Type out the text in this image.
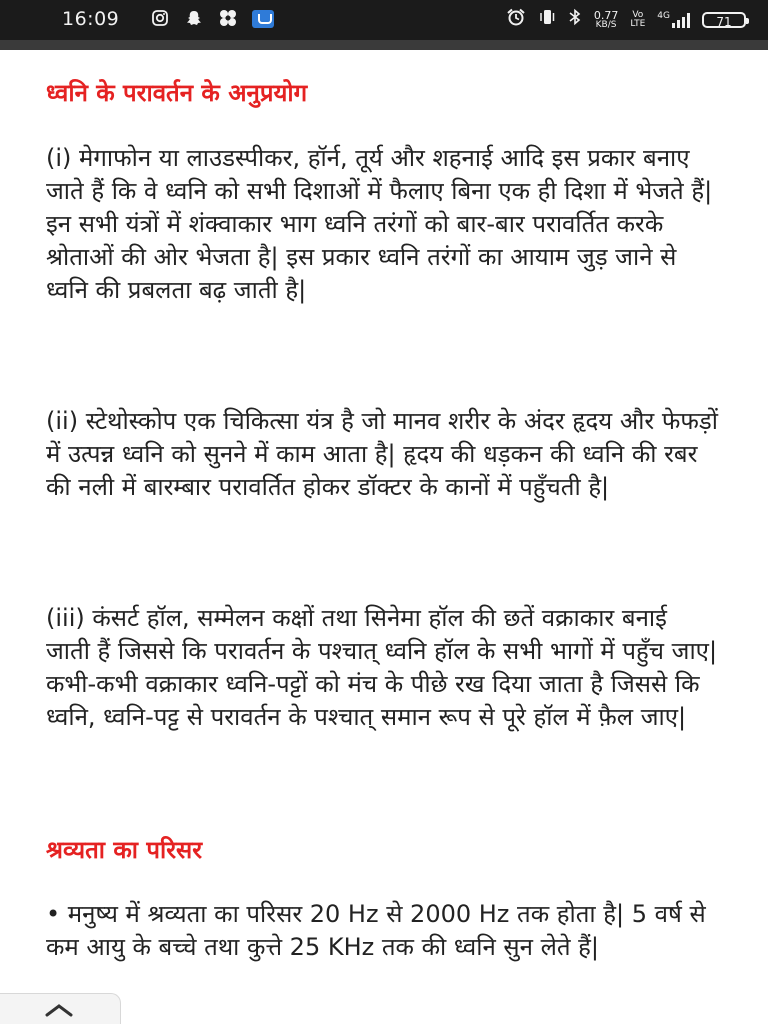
16:09	0.77
KB/S
Vo
LTE
4G	71
ध्वनि के परावर्तन के अनुप्रयोग

(i) मेगाफोन या लाउडस्पीकर, हॉर्न, तूर्य और शहनाई आदि इस प्रकार बनाए जाते हैं कि वे ध्वनि को सभी दिशाओं में फैलाए बिना एक ही दिशा में भेजते हैं| इन सभी यंत्रों में शंक्वाकार भाग ध्वनि तरंगों को बार-बार परावर्तित करके श्रोताओं की ओर भेजता है| इस प्रकार ध्वनि तरंगों का आयाम जुड़ जाने से ध्वनि की प्रबलता बढ़ जाती है|

(ii) स्टेथोस्कोप एक चिकित्सा यंत्र है जो मानव शरीर के अंदर हृदय और फेफड़ों में उत्पन्न ध्वनि को सुनने में काम आता है| हृदय की धड़कन की ध्वनि की रबर की नली में बारम्बार परावर्तित होकर डॉक्टर के कानों में पहुँचती है|

(iii) कंसर्ट हॉल, सम्मेलन कक्षों तथा सिनेमा हॉल की छतें वक्राकार बनाई जाती हैं जिससे कि परावर्तन के पश्चात् ध्वनि हॉल के सभी भागों में पहुँच जाए| कभी-कभी वक्राकार ध्वनि-पट्टों को मंच के पीछे रख दिया जाता है जिससे कि ध्वनि, ध्वनि-पट्ट से परावर्तन के पश्चात् समान रूप से पूरे हॉल में फ़ैल जाए|

श्रव्यता का परिसर

• मनुष्य में श्रव्यता का परिसर 20 Hz से 2000 Hz तक होता है| 5 वर्ष से कम आयु के बच्चे तथा कुत्ते 25 KHz तक की ध्वनि सुन लेते हैं|
